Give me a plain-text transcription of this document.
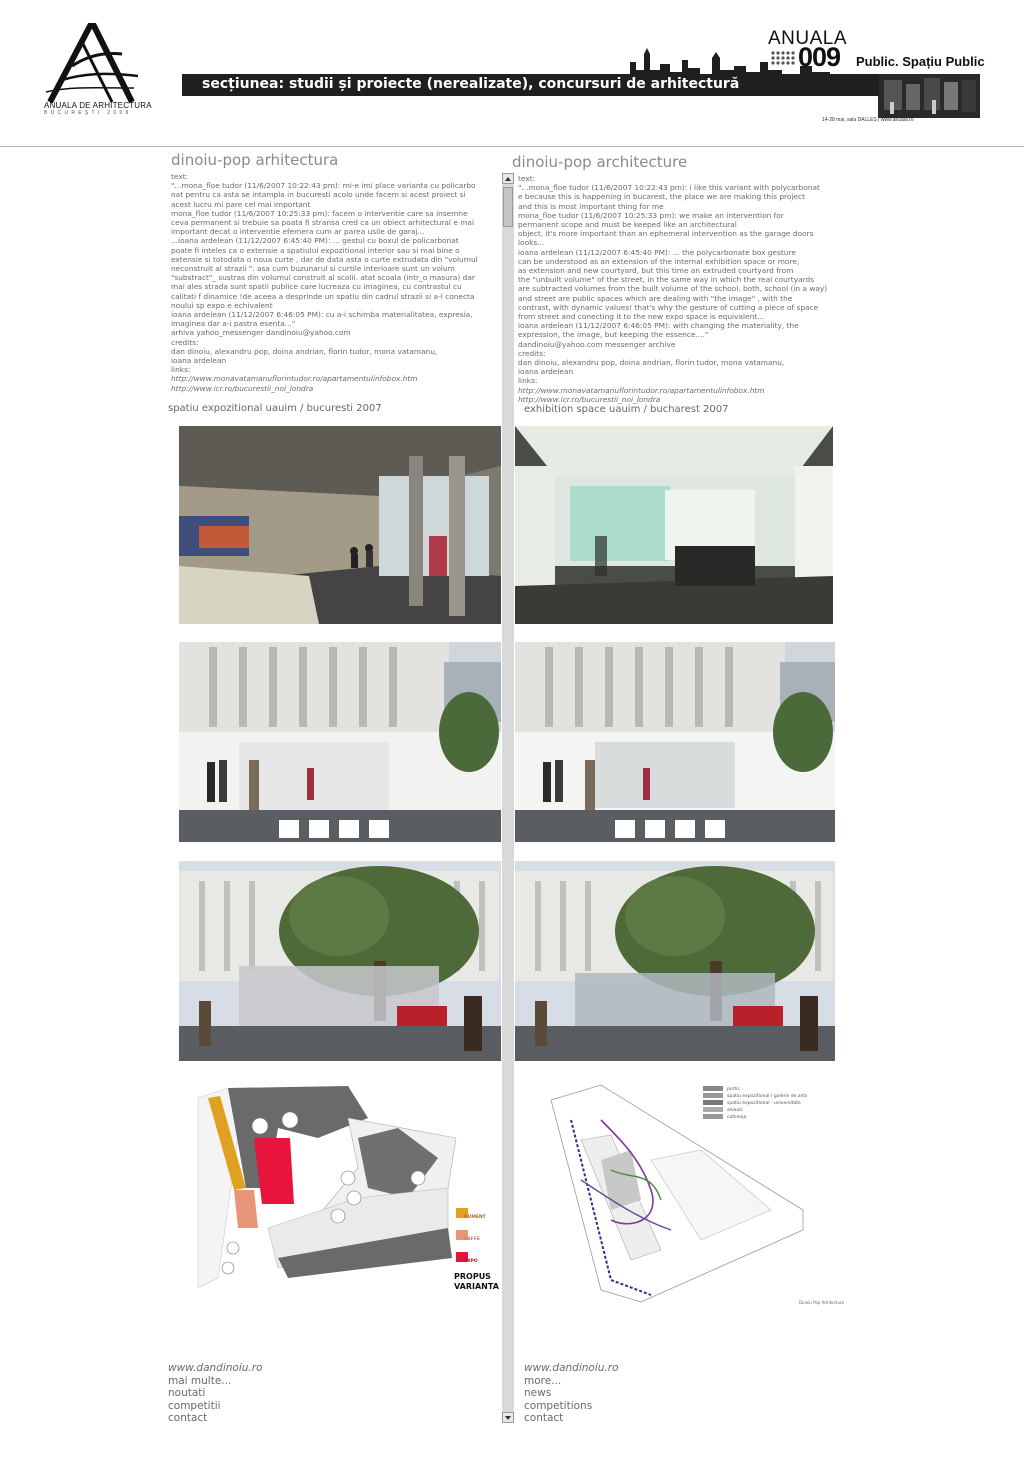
ANUALA DE ARHITECTURA
BUCUREȘTI 2009
secțiunea: studii și proiecte (nerealizate), concursuri de arhitectură
ANUALA
009 Public. Spațiu Public
14-28 mai, sala DALLES | www.anuala.ro
dinoiu-pop arhitectura
text:
"...mona_floe tudor (11/6/2007 10:22:43 pm): mi-e imi place varianta cu policarbo
nat pentru ca asta se intampla in bucuresti acolo unde facem si acest proiect si
acest lucru mi pare cel mai important
mona_floe tudor (11/6/2007 10:25:33 pm): facem o interventie care sa insemne
ceva permanent si trebuie sa poata fi stransa cred ca un obiect arhitectural e mai
important decat o interventie efemera cum ar parea usile de garaj...
...ioana ardelean (11/12/2007 6:45:40 PM): ... gestul cu boxul de policarbonat
poate fi inteles ca o extensie a spatiului expozitional interior sau si mai bine o
extensie si totodata o noua curte , dar de data asta o curte extrudata din "volumul
neconstruit al strazii ". asa cum buzunarul si curtile interioare sunt un volum
"substract"_ sustras din volumul construit al scolii. atat scoala (intr_o masura) dar
mai ales strada sunt spatii publice care lucreaza cu imaginea, cu contrastul cu
calitati f dinamice !de aceea a desprinde un spatiu din cadrul strazii si a-l conecta
noului sp expo e echivalent
ioana ardelean (11/12/2007 6:46:05 PM): cu a-i schimba materialitatea, expresia,
imaginea dar a-i pastra esenta..."
arhiva yahoo_messenger dandinoiu@yahoo.com
credits:
dan dinoiu, alexandru pop, doina andrian, florin tudor, mona vatamanu,
ioana ardelean
links:
http://www.monavatamanuflorintudor.ro/apartamentulinfobox.htm
http://www.icr.ro/bucurestii_noi_londra
spatiu expozitional uauim / bucuresti 2007
dinoiu-pop architecture
text:
"...mona_floe tudor (11/6/2007 10:22:43 pm): i like this variant with polycarbonat
e because this is happening in bucarest, the place we are making this project
and this is most important thing for me
mona_floe tudor (11/6/2007 10:25:33 pm): we make an intervention for
permanent scope and must be keeped like an architectural
object, it's more important than an ephemeral intervention as the garage doors
looks...
ioana ardelean (11/12/2007 6:45:40 PM): ... the polycarbonate box gesture
can be understood as an extension of the internal exhibition space or more,
as extension and new courtyard, but this time an extruded courtyard from
the "unbuilt volume" of the street, in the same way in which the real courtyards
are subtracted volumes from the built volume of the school. both, school (in a way)
and street are public spaces which are dealing with "the image" , with the
contrast, with dynamic values! that's why the gesture of cutting a piece of space
from street and conecting it to the new expo space is equivalent...
ioana ardelean (11/12/2007 6:46:05 PM): with changing the materiality, the
expression, the image, but keeping the essence...."
dandinoiu@yahoo.com messenger archive
credits:
dan dinoiu, alexandru pop, doina andrian, florin tudor, mona vatamanu,
ioana ardelean
links:
http://www.monavatamanuflorintudor.ro/apartamentulinfobox.htm
http://www.icr.ro/bucurestii_noi_londra
exhibition space uauim / bucharest 2007
GUMENT
CAFFE
EXPO
PROPUS
VARIANTA
portic
spatiu expozitional / galerie de arta
spatiu expozitional - universitate
alveolc
cafeneja
Dinoiu Pop Arhitectura
www.dandinoiu.ro
mai multe...
noutati
competitii
contact
www.dandinoiu.ro
more...
news
competitions
contact
